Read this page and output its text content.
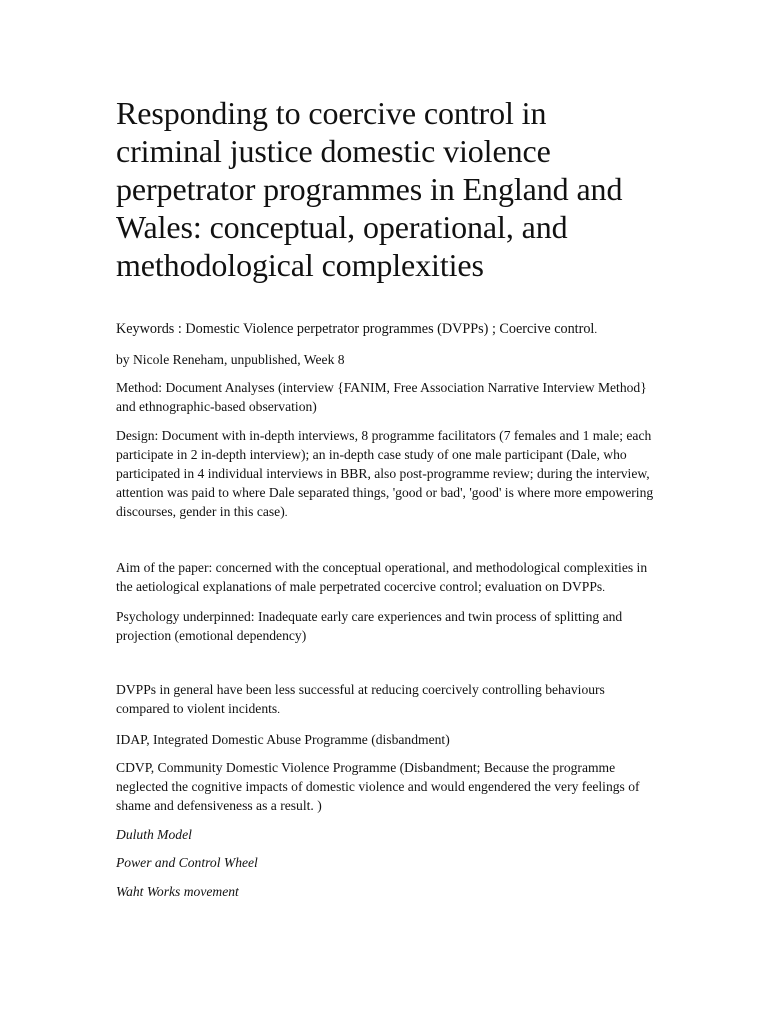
Responding to coercive control in criminal justice domestic violence perpetrator programmes in England and Wales: conceptual, operational, and methodological complexities

Keywords : Domestic Violence perpetrator programmes (DVPPs) ; Coercive control.

by Nicole Reneham, unpublished, Week 8

Method: Document Analyses (interview {FANIM, Free Association Narrative Interview Method} and ethnographic-based observation)

Design: Document with in-depth interviews, 8 programme facilitators (7 females and 1 male; each participate in 2 in-depth interview); an in-depth case study of one male participant (Dale, who participated in 4 individual interviews in BBR, also post-programme review; during the interview, attention was paid to where Dale separated things, 'good or bad', 'good' is where more empowering discourses, gender in this case).

Aim of the paper: concerned with the conceptual operational, and methodological complexities in the aetiological explanations of male perpetrated cocercive control; evaluation on DVPPs.

Psychology underpinned: Inadequate early care experiences and twin process of splitting and projection (emotional dependency)

DVPPs in general have been less successful at reducing coercively controlling behaviours compared to violent incidents.

IDAP, Integrated Domestic Abuse Programme (disbandment)

CDVP, Community Domestic Violence Programme (Disbandment; Because the programme neglected the cognitive impacts of domestic violence and would engendered the very feelings of shame and defensiveness as a result. )

Duluth Model

Power and Control Wheel

Waht Works movement
